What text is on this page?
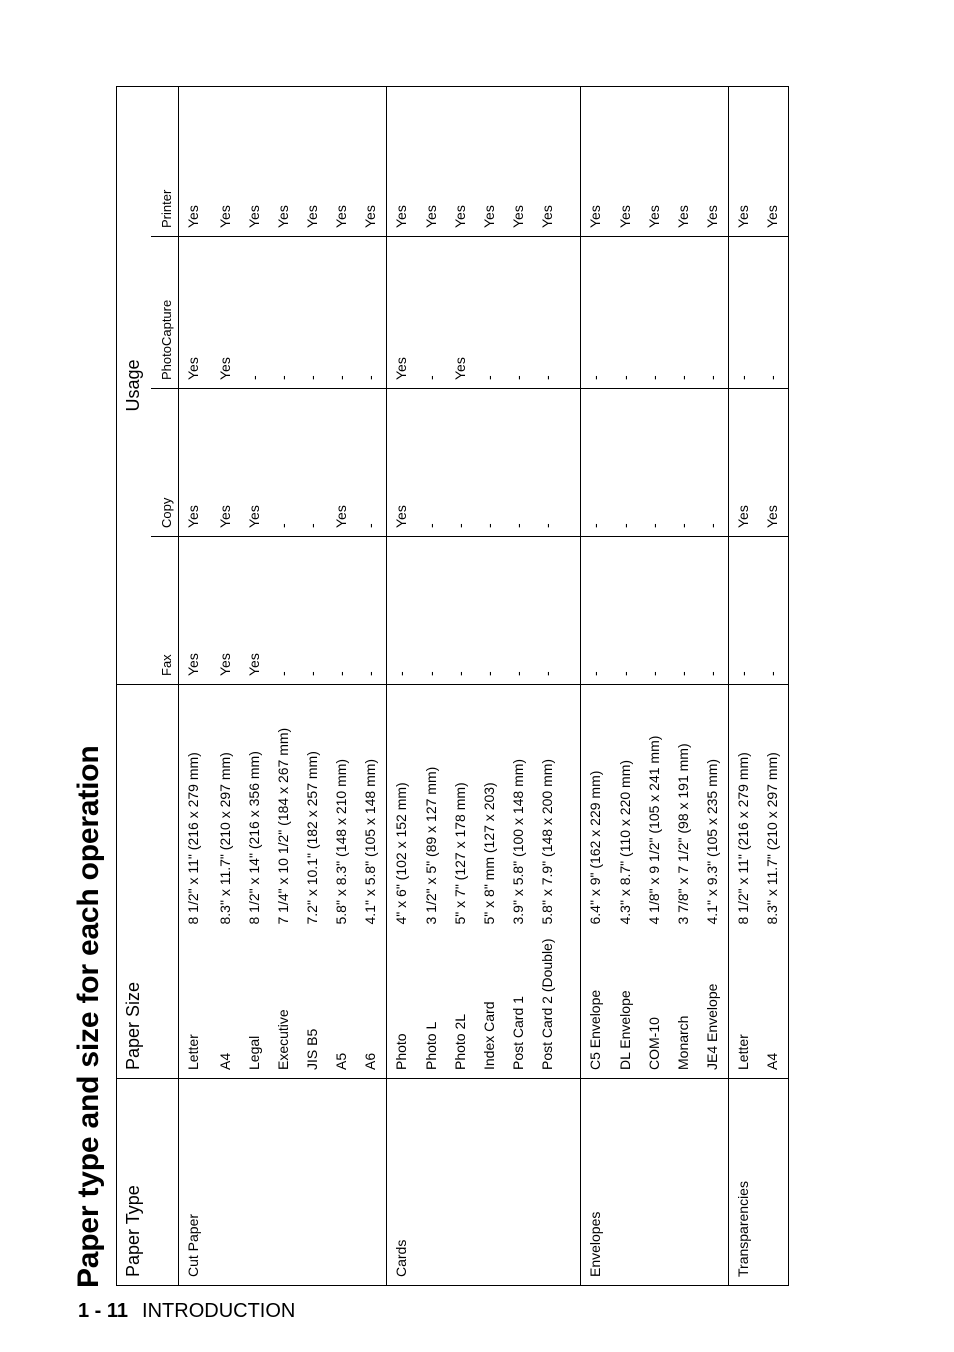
Paper type and size for each operation Paper Type	Paper Size		Usage			
			Fax	Copy	PhotoCapture	Printer
Cut Paper	Letter	8 1/2" x 11" (216 x 279 mm)	Yes	Yes	Yes	Yes
	A4	8.3" x 11.7" (210 x 297 mm)	Yes	Yes	Yes	Yes
	Legal	8 1/2" x 14" (216 x 356 mm)	Yes	Yes	-	Yes
	Executive	7 1/4" x 10 1/2" (184 x 267 mm)	-	-	-	Yes
	JIS B5	7.2" x 10.1" (182 x 257 mm)	-	-	-	Yes
	A5	5.8" x 8.3" (148 x 210 mm)	-	Yes	-	Yes
	A6	4.1" x 5.8" (105 x 148 mm)	-	-	-	Yes
Cards	Photo	4" x 6" (102 x 152 mm)	-	Yes	Yes	Yes
	Photo L	3 1/2" x 5" (89 x 127 mm)	-	-	-	Yes
	Photo 2L	5" x 7" (127 x 178 mm)	-	-	Yes	Yes
	Index Card	5" x 8" mm (127 x 203)	-	-	-	Yes
	Post Card 1	3.9" x 5.8" (100 x 148 mm)	-	-	-	Yes
	Post Card 2 (Double)	5.8" x 7.9" (148 x 200 mm)	-	-	-	Yes
Envelopes	C5 Envelope	6.4" x 9" (162 x 229 mm)	-	-	-	Yes
	DL Envelope	4.3" x 8.7" (110 x 220 mm)	-	-	-	Yes
	COM-10	4 1/8" x 9 1/2" (105 x 241 mm)	-	-	-	Yes
	Monarch	3 7/8" x 7 1/2" (98 x 191 mm)	-	-	-	Yes
	JE4 Envelope	4.1" x 9.3" (105 x 235 mm)	-	-	-	Yes
Transparencies	Letter	8 1/2" x 11" (216 x 279 mm)	-	Yes	-	Yes
	A4	8.3" x 11.7" (210 x 297 mm)	-	Yes	-	Yes
1 - 11 INTRODUCTION
